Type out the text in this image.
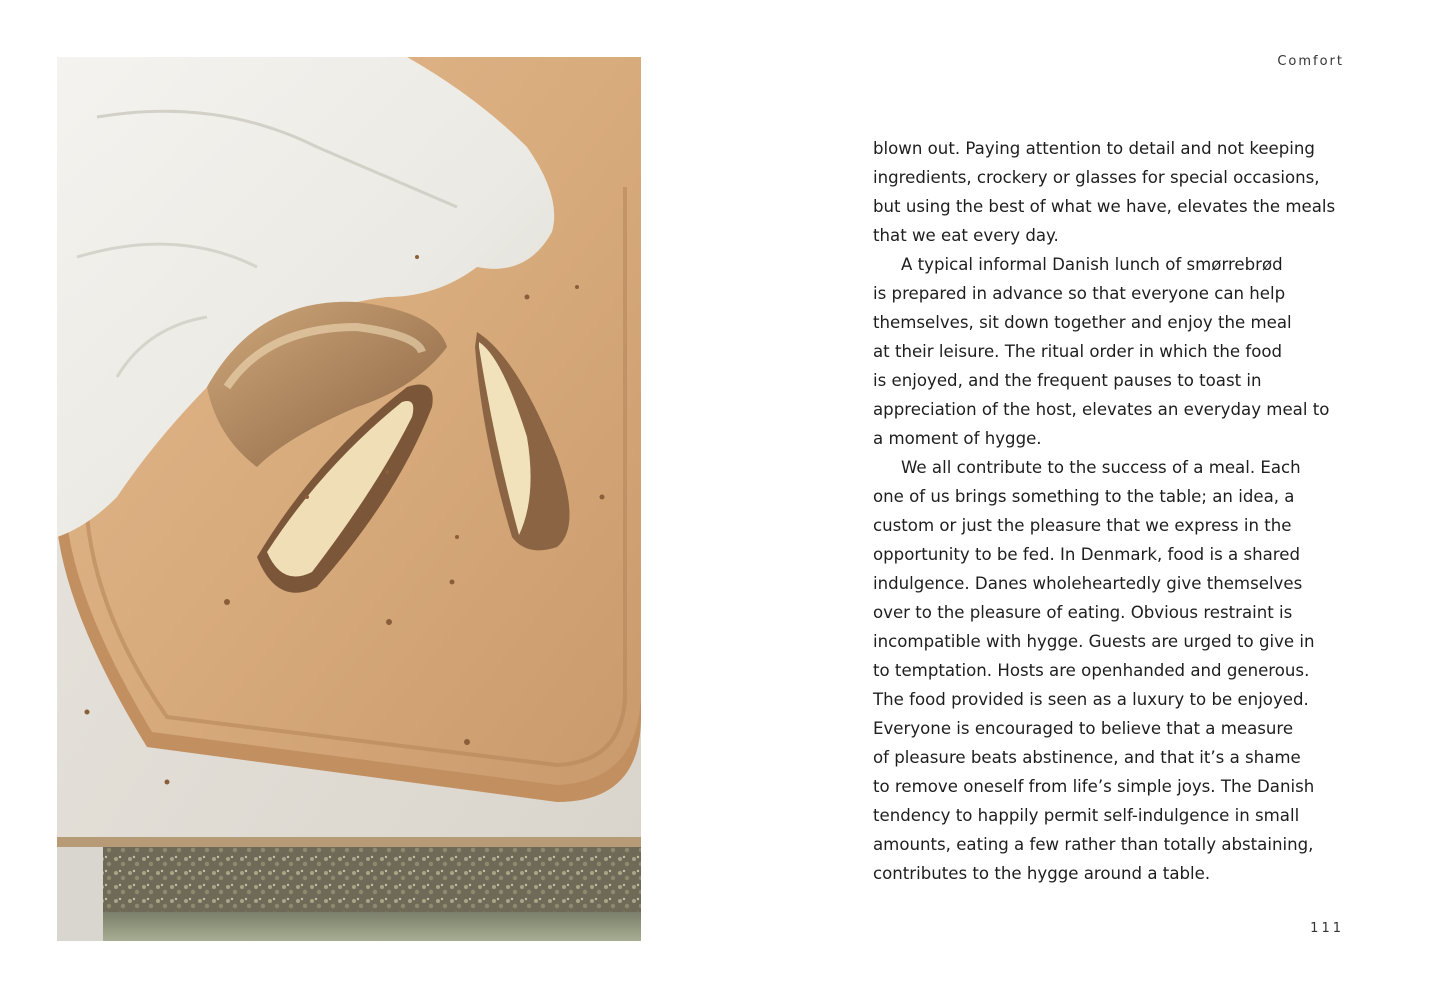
Comfort

blown out. Paying attention to detail and not keeping
ingredients, crockery or glasses for special occasions,
but using the best of what we have, elevates the meals
that we eat every day.

A typical informal Danish lunch of smørrebrød
is prepared in advance so that everyone can help
themselves, sit down together and enjoy the meal
at their leisure. The ritual order in which the food
is enjoyed, and the frequent pauses to toast in
appreciation of the host, elevates an everyday meal to
a moment of hygge.

We all contribute to the success of a meal. Each
one of us brings something to the table; an idea, a
custom or just the pleasure that we express in the
opportunity to be fed. In Denmark, food is a shared
indulgence. Danes wholeheartedly give themselves
over to the pleasure of eating. Obvious restraint is
incompatible with hygge. Guests are urged to give in
to temptation. Hosts are openhanded and generous.
The food provided is seen as a luxury to be enjoyed.
Everyone is encouraged to believe that a measure
of pleasure beats abstinence, and that it’s a shame
to remove oneself from life’s simple joys. The Danish
tendency to happily permit self-indulgence in small
amounts, eating a few rather than totally abstaining,
contributes to the hygge around a table.

111
